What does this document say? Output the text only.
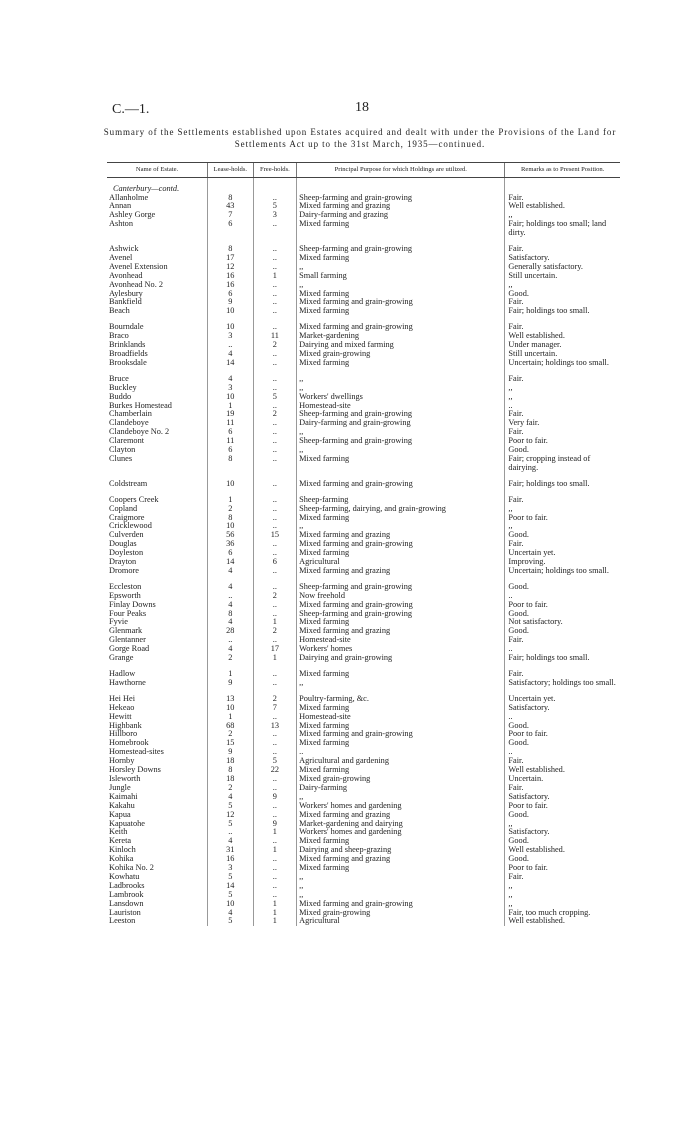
C.—1.	18
Summary of the Settlements established upon Estates acquired and dealt with under the Provisions of the Land for Settlements Act up to the 31st March, 1935—continued.
Name of Estate.	Lease-holds.	Free-holds.	Principal Purpose for which Holdings are utilized.	Remarks as to Present Position.

Canterbury—contd.				
Allanholme	8	..	Sheep-farming and grain-growing	Fair.
Annan	43	5	Mixed farming and grazing	Well established.
Ashley Gorge	7	3	Dairy-farming and grazing	,,
Ashton	6	..	Mixed farming	Fair; holdings too small; land dirty.

Ashwick	8	..	Sheep-farming and grain-growing	Fair.
Avenel	17	..	Mixed farming	Satisfactory.
Avenel Extension	12	..	,,	Generally satisfactory.
Avonhead	16	1	Small farming	Still uncertain.
Avonhead No. 2	16	..	,,	,,
Aylesbury	6	..	Mixed farming	Good.
Bankfield	9	..	Mixed farming and grain-growing	Fair.
Beach	10	..	Mixed farming	Fair; holdings too small.

Bourndale	10	..	Mixed farming and grain-growing	Fair.
Braco	3	11	Market-gardening	Well established.
Brinklands	..	2	Dairying and mixed farming	Under manager.
Broadfields	4	..	Mixed grain-growing	Still uncertain.
Brooksdale	14	..	Mixed farming	Uncertain; holdings too small.

Bruce	4	..	,,	Fair.
Buckley	3	..	,,	,,
Buddo	10	5	Workers' dwellings	,,
Burkes Homestead	1	..	Homestead-site	..
Chamberlain	19	2	Sheep-farming and grain-growing	Fair.
Clandeboye	11	..	Dairy-farming and grain-growing	Very fair.
Clandeboye No. 2	6	..	,,	Fair.
Claremont	11	..	Sheep-farming and grain-growing	Poor to fair.
Clayton	6	..	,,	Good.
Clunes	8	..	Mixed farming	Fair; cropping instead of dairying.

Coldstream	10	..	Mixed farming and grain-growing	Fair; holdings too small.

Coopers Creek	1	..	Sheep-farming	Fair.
Copland	2	..	Sheep-farming, dairying, and grain-growing	,,
Craigmore	8	..	Mixed farming	Poor to fair.
Cricklewood	10	..	,,	,,
Culverden	56	15	Mixed farming and grazing	Good.
Douglas	36	..	Mixed farming and grain-growing	Fair.
Doyleston	6	..	Mixed farming	Uncertain yet.
Drayton	14	6	Agricultural	Improving.
Dromore	4	..	Mixed farming and grazing	Uncertain; holdings too small.

Eccleston	4	..	Sheep-farming and grain-growing	Good.
Epsworth	..	2	Now freehold	..
Finlay Downs	4	..	Mixed farming and grain-growing	Poor to fair.
Four Peaks	8	..	Sheep-farming and grain-growing	Good.
Fyvie	4	1	Mixed farming	Not satisfactory.
Glenmark	28	2	Mixed farming and grazing	Good.
Glentanner	..	..	Homestead-site	Fair.
Gorge Road	4	17	Workers' homes	..
Grange	2	1	Dairying and grain-growing	Fair; holdings too small.

Hadlow	1	..	Mixed farming	Fair.
Hawthorne	9	..	,,	Satisfactory; holdings too small.

Hei Hei	13	2	Poultry-farming, &c.	Uncertain yet.
Hekeao	10	7	Mixed farming	Satisfactory.
Hewitt	1	..	Homestead-site	..
Highbank	68	13	Mixed farming	Good.
Hillboro	2	..	Mixed farming and grain-growing	Poor to fair.
Homebrook	15	..	Mixed farming	Good.
Homestead-sites	9	..	..	..
Hornby	18	5	Agricultural and gardening	Fair.
Horsley Downs	8	22	Mixed farming	Well established.
Isleworth	18	..	Mixed grain-growing	Uncertain.
Jungle	2	..	Dairy-farming	Fair.
Kaimahi	4	9	,,	Satisfactory.
Kakahu	5	..	Workers' homes and gardening	Poor to fair.
Kapua	12	..	Mixed farming and grazing	Good.
Kapuatohe	5	9	Market-gardening and dairying	,,
Keith	..	1	Workers' homes and gardening	Satisfactory.
Kereta	4	..	Mixed farming	Good.
Kinloch	31	1	Dairying and sheep-grazing	Well established.
Kohika	16	..	Mixed farming and grazing	Good.
Kohika No. 2	3	..	Mixed farming	Poor to fair.
Kowhatu	5	..	,,	Fair.
Ladbrooks	14	..	,,	,,
Lambrook	5	..	,,	,,
Lansdown	10	1	Mixed farming and grain-growing	,,
Lauriston	4	1	Mixed grain-growing	Fair, too much cropping.
Leeston	5	1	Agricultural	Well established.
